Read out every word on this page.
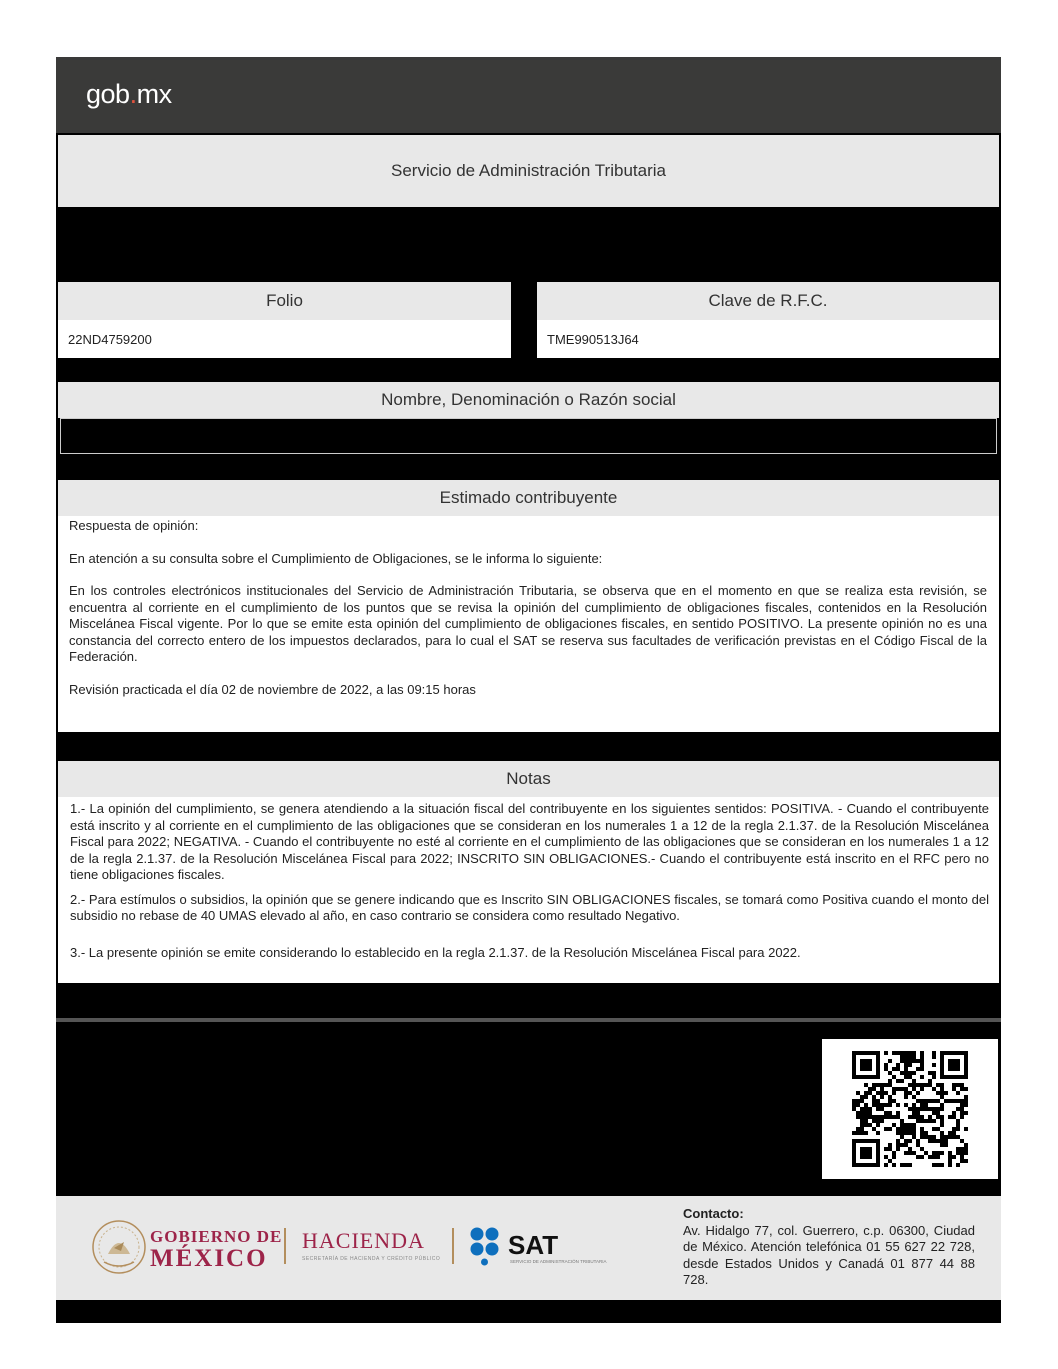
gob.mx
Servicio de Administración Tributaria
Folio
22ND4759200
Clave de R.F.C.
TME990513J64
Nombre, Denominación o Razón social
Estimado contribuyente

Respuesta de opinión:

En atención a su consulta sobre el Cumplimiento de Obligaciones, se le informa lo siguiente:

En los controles electrónicos institucionales del Servicio de Administración Tributaria, se observa que en el momento en que se realiza esta revisión, se encuentra al corriente en el cumplimiento de los puntos que se revisa la opinión del cumplimiento de obligaciones fiscales, contenidos en la Resolución Miscelánea Fiscal vigente. Por lo que se emite esta opinión del cumplimiento de obligaciones fiscales, en sentido POSITIVO. La presente opinión no es una constancia del correcto entero de los impuestos declarados, para lo cual el SAT se reserva sus facultades de verificación previstas en el Código Fiscal de la Federación.

Revisión practicada el día 02 de noviembre de 2022, a las 09:15 horas

Notas

1.- La opinión del cumplimiento, se genera atendiendo a la situación fiscal del contribuyente en los siguientes sentidos: POSITIVA. - Cuando el contribuyente está inscrito y al corriente en el cumplimiento de las obligaciones que se consideran en los numerales 1 a 12 de la regla 2.1.37. de la Resolución Miscelánea Fiscal para 2022; NEGATIVA. - Cuando el contribuyente no esté al corriente en el cumplimiento de las obligaciones que se consideran en los numerales 1 a 12 de la regla 2.1.37. de la Resolución Miscelánea Fiscal para 2022; INSCRITO SIN OBLIGACIONES.- Cuando el contribuyente está inscrito en el RFC pero no tiene obligaciones fiscales.

2.- Para estímulos o subsidios, la opinión que se genere indicando que es Inscrito SIN OBLIGACIONES fiscales, se tomará como Positiva cuando el monto del subsidio no rebase de 40 UMAS elevado al año, en caso contrario se considera como resultado Negativo.

3.- La presente opinión se emite considerando lo establecido en la regla 2.1.37. de la Resolución Miscelánea Fiscal para 2022.

GOBIERNO DE
MÉXICO
HACIENDA
SECRETARÍA DE HACIENDA Y CRÉDITO PÚBLICO	SAT
SERVICIO DE ADMINISTRACIÓN TRIBUTARIA
Contacto:
Av. Hidalgo 77, col. Guerrero, c.p. 06300, Ciudad de México. Atención telefónica 01 55 627 22 728, desde Estados Unidos y Canadá 01 877 44 88 728.
